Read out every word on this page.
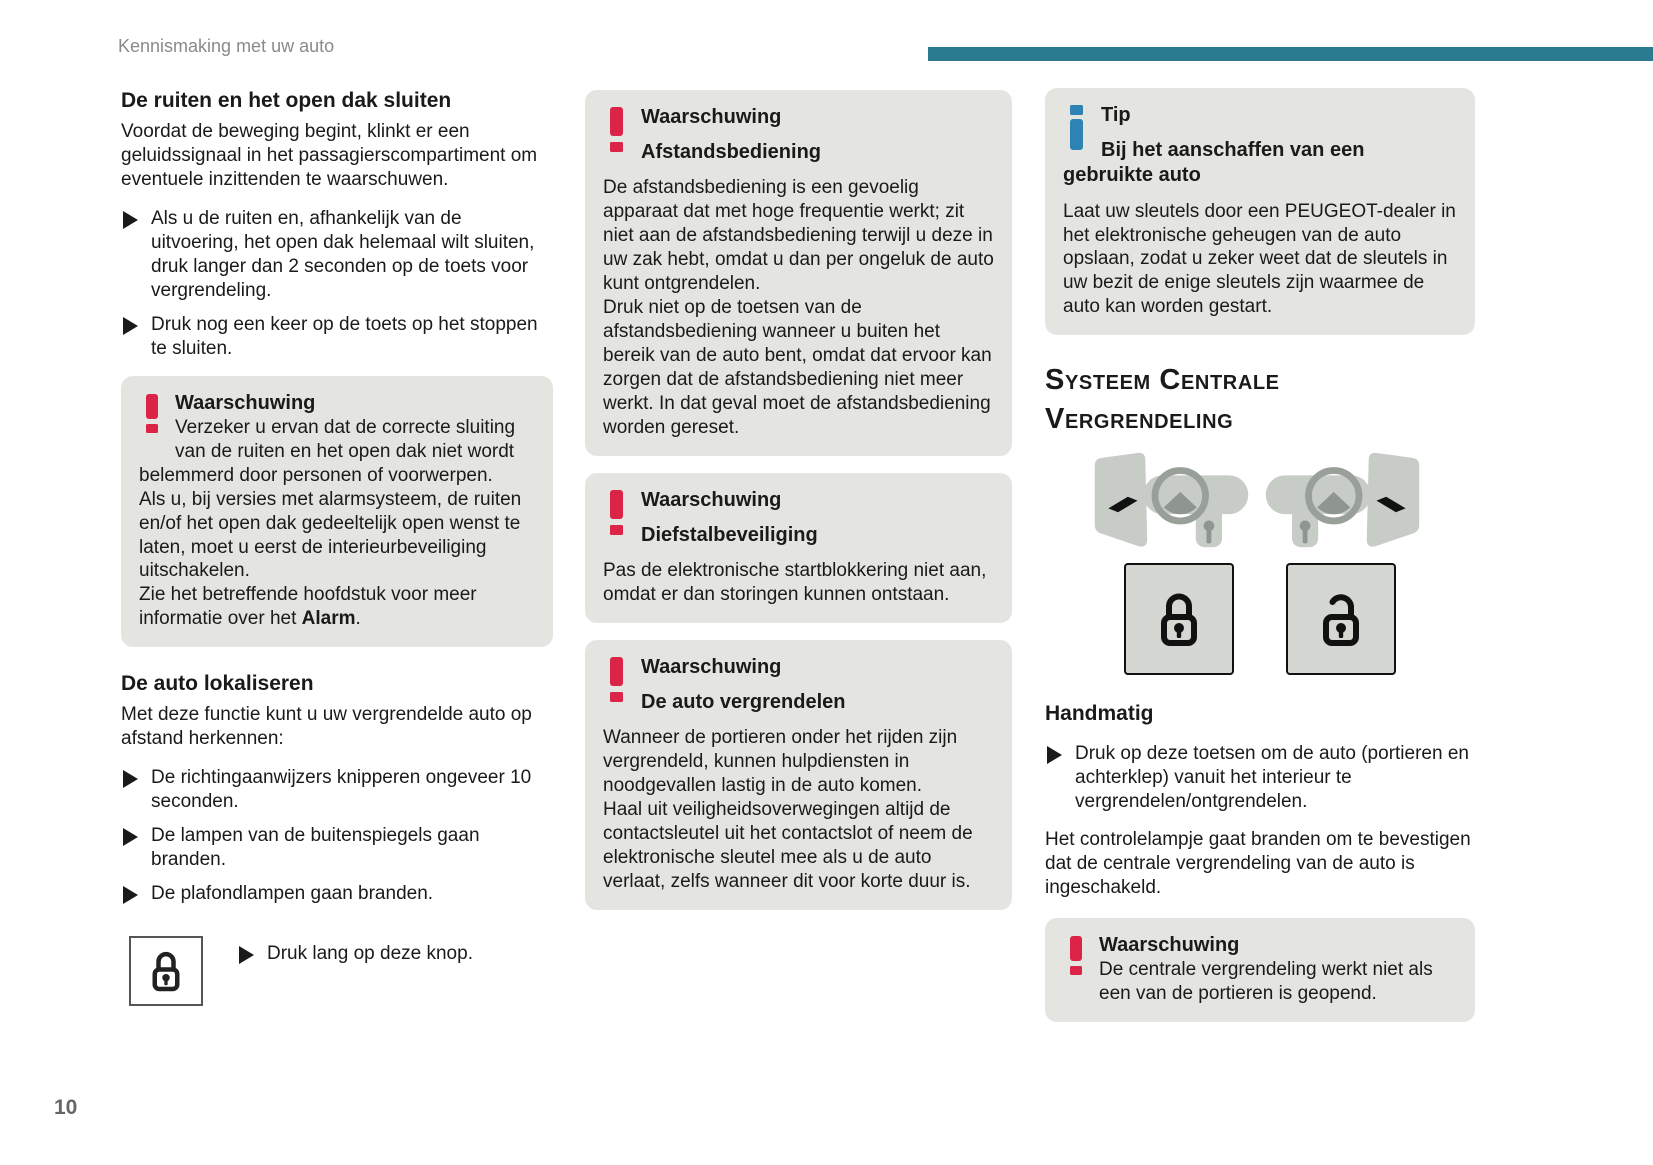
Kennismaking met uw auto
De ruiten en het open dak sluiten

Voordat de beweging begint, klinkt er een geluidssignaal in het passagierscompartiment om eventuele inzittenden te waarschuwen.

Als u de ruiten en, afhankelijk van de uitvoering, het open dak helemaal wilt sluiten, druk langer dan 2 seconden op de toets voor vergrendeling.
Druk nog een keer op de toets op het stoppen te sluiten.
Waarschuwing
Verzeker u ervan dat de correcte sluiting van de ruiten en het open dak niet wordt belemmerd door personen of voorwerpen.
Als u, bij versies met alarmsysteem, de ruiten en/of het open dak gedeeltelijk open wenst te laten, moet u eerst de interieurbeveiliging uitschakelen.
Zie het betreffende hoofdstuk voor meer informatie over het Alarm.
De auto lokaliseren

Met deze functie kunt u uw vergrendelde auto op afstand herkennen:

De richtingaanwijzers knipperen ongeveer 10 seconden.
De lampen van de buitenspiegels gaan branden.
De plafondlampen gaan branden.
Druk lang op deze knop.
Waarschuwing
Afstandsbediening
De afstandsbediening is een gevoelig apparaat dat met hoge frequentie werkt; zit niet aan de afstandsbediening terwijl u deze in uw zak hebt, omdat u dan per ongeluk de auto kunt ontgrendelen.
Druk niet op de toetsen van de afstandsbediening wanneer u buiten het bereik van de auto bent, omdat dat ervoor kan zorgen dat de afstandsbediening niet meer werkt. In dat geval moet de afstandsbediening worden gereset.
Waarschuwing
Diefstalbeveiliging
Pas de elektronische startblokkering niet aan, omdat er dan storingen kunnen ontstaan.
Waarschuwing
De auto vergrendelen
Wanneer de portieren onder het rijden zijn vergrendeld, kunnen hulpdiensten in noodgevallen lastig in de auto komen.
Haal uit veiligheidsoverwegingen altijd de contactsleutel uit het contactslot of neem de elektronische sleutel mee als u de auto verlaat, zelfs wanneer dit voor korte duur is.
Tip
Bij het aanschaffen van een gebruikte auto
Laat uw sleutels door een PEUGEOT-dealer in het elektronische geheugen van de auto opslaan, zodat u zeker weet dat de sleutels in uw bezit de enige sleutels zijn waarmee de auto kan worden gestart.
Systeem Centrale Vergrendeling
Handmatig
Druk op deze toetsen om de auto (portieren en achterklep) vanuit het interieur te vergrendelen/ontgrendelen.

Het controlelampje gaat branden om te bevestigen dat de centrale vergrendeling van de auto is ingeschakeld.

Waarschuwing
De centrale vergrendeling werkt niet als een van de portieren is geopend.
10
